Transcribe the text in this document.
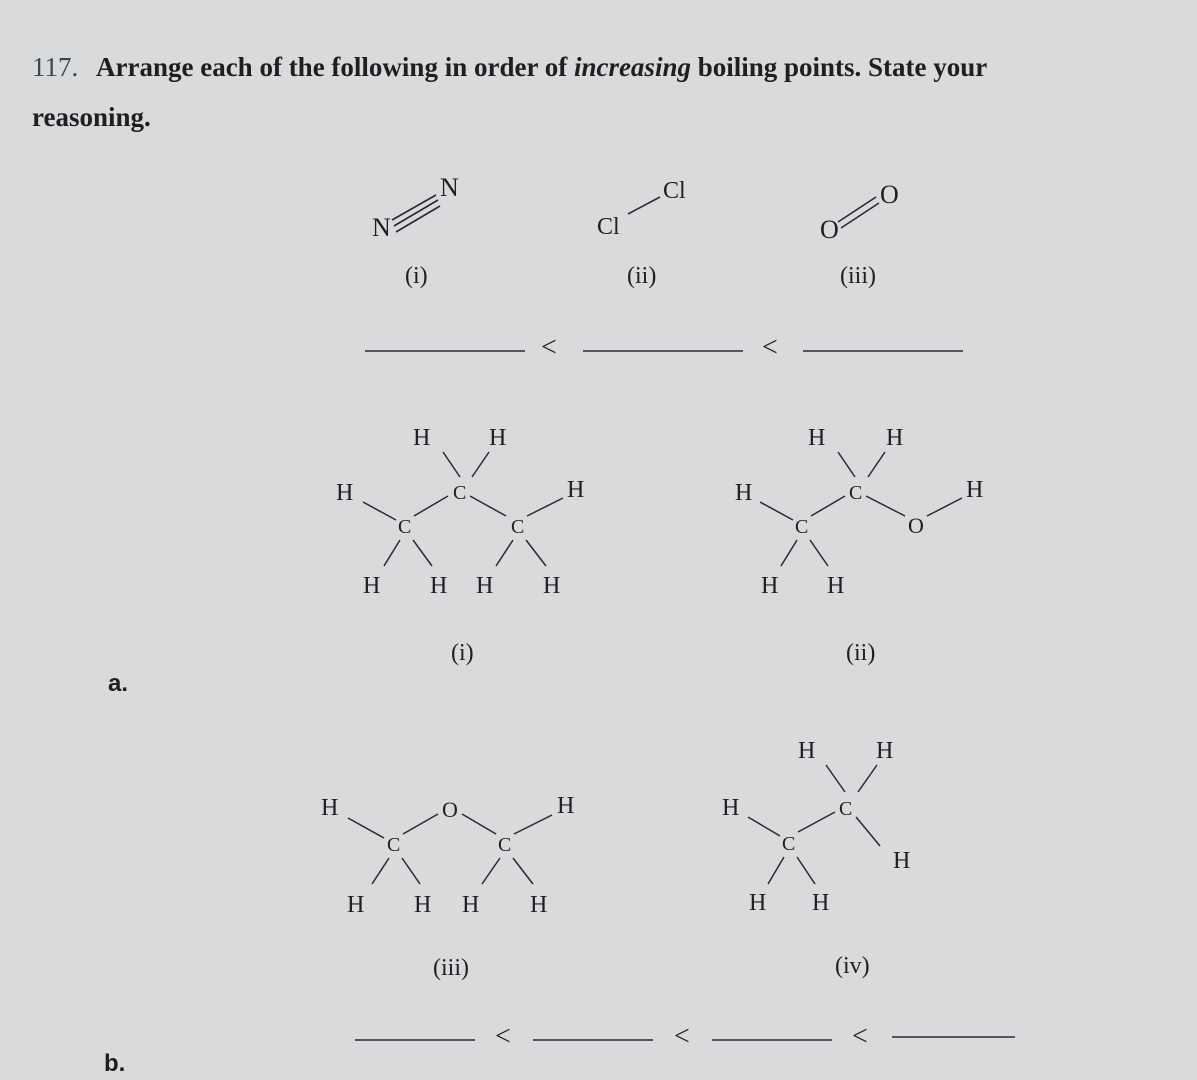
117. Arrange each of the following in order of increasing boiling points. State your
reasoning.
a.
b.
N
N
(i)
Cl
Cl
(ii)
O
O
(iii)
<	<
H
H H
H
H H H H
C
C
C
(i)
H
H	H
H
H H
C
C
O
(ii)
H	H
H H H H
C	C
O
(iii)
H
H	H
H
H H
C
C
(iv)
<	<	<
